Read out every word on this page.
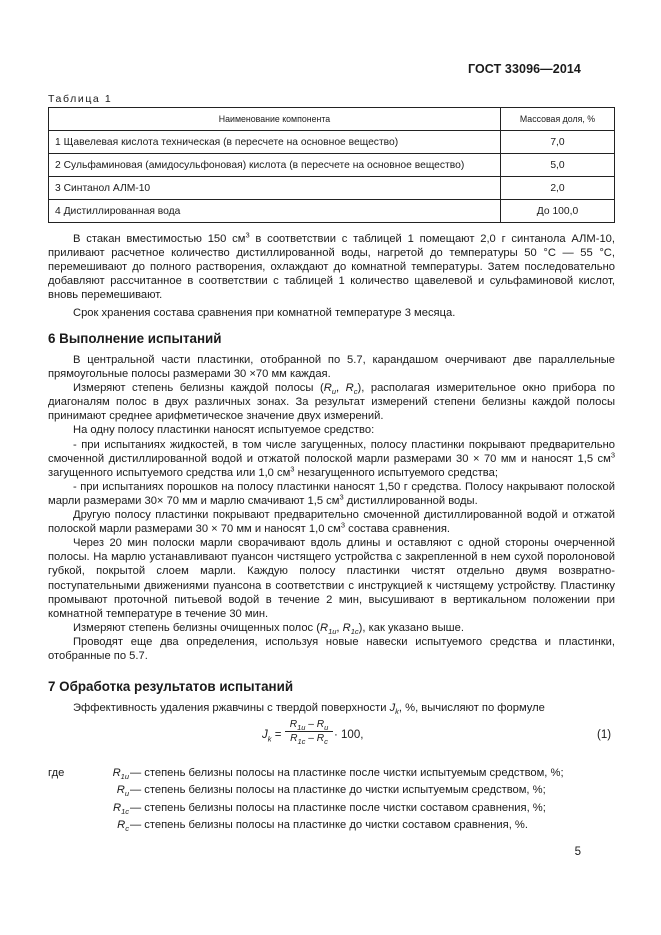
ГОСТ 33096—2014
Таблица 1
Наименование компонента	Массовая доля, %
1 Щавелевая кислота техническая (в пересчете на основное вещество)	7,0
2 Сульфаминовая (амидосульфоновая) кислота (в пересчете на основное вещество)	5,0
3 Синтанол АЛМ-10	2,0
4 Дистиллированная вода	До 100,0

В стакан вместимостью 150 $см^3$ в соответствии с таблицей 1 помещают 2,0 г синтанола АЛМ-10, приливают расчетное количество дистиллированной воды, нагретой до температуры 50 °С — 55 °С, перемешивают до полного растворения, охлаждают до комнатной температуры. Затем последовательно добавляют рассчитанное в соответствии с таблицей 1 количество щавелевой и сульфаминовой кислот, вновь перемешивают.

Срок хранения состава сравнения при комнатной температуре 3 месяца.

6 Выполнение испытаний

В центральной части пластинки, отобранной по 5.7, карандашом очерчивают две параллельные прямоугольные полосы размерами 30 ×70 мм каждая.

Измеряют степень белизны каждой полосы ($R_u$, $R_c$), располагая измерительное окно прибора по диагоналям полос в двух различных зонах. За результат измерений степени белизны каждой полосы принимают среднее арифметическое значение двух измерений.

На одну полосу пластинки наносят испытуемое средство:

- при испытаниях жидкостей, в том числе загущенных, полосу пластинки покрывают предварительно смоченной дистиллированной водой и отжатой полоской марли размерами 30 × 70 мм и наносят 1,5 $см^3$ загущенного испытуемого средства или 1,0 $см^3$ незагущенного испытуемого средства;

- при испытаниях порошков на полосу пластинки наносят 1,50 г средства. Полосу накрывают полоской марли размерами 30× 70 мм и марлю смачивают 1,5 $см^3$ дистиллированной воды.

Другую полосу пластинки покрывают предварительно смоченной дистиллированной водой и отжатой полоской марли размерами 30 × 70 мм и наносят 1,0 $см^3$ состава сравнения.

Через 20 мин полоски марли сворачивают вдоль длины и оставляют с одной стороны очерченной полосы. На марлю устанавливают пуансон чистящего устройства с закрепленной в нем сухой поролоновой губкой, покрытой слоем марли. Каждую полосу пластинки чистят отдельно двумя возвратно-поступательными движениями пуансона в соответствии с инструкцией к чистящему устройству. Пластинку промывают проточной питьевой водой в течение 2 мин, высушивают в вертикальном положении при комнатной температуре в течение 30 мин.

Измеряют степень белизны очищенных полос ($R_{1u}$, $R_{1c}$), как указано выше.

Проводят еще два определения, используя новые навески испытуемого средства и пластинки, отобранные по 5.7.

7 Обработка результатов испытаний

Эффективность удаления ржавчины с твердой поверхности $J_k$, %, вычисляют по формуле

$J_k = \frac{R_{1u} - R_u}{R_{1c} - R_c} \cdot 100$,	(1)
где	$R_{1u}$ — степень белизны полосы на пластинке после чистки испытуемым средством, %;
$R_u$ — степень белизны полосы на пластинке до чистки испытуемым средством, %;
$R_{1c}$ — степень белизны полосы на пластинке после чистки составом сравнения, %;
$R_c$ — степень белизны полосы на пластинке до чистки составом сравнения, %.
5
